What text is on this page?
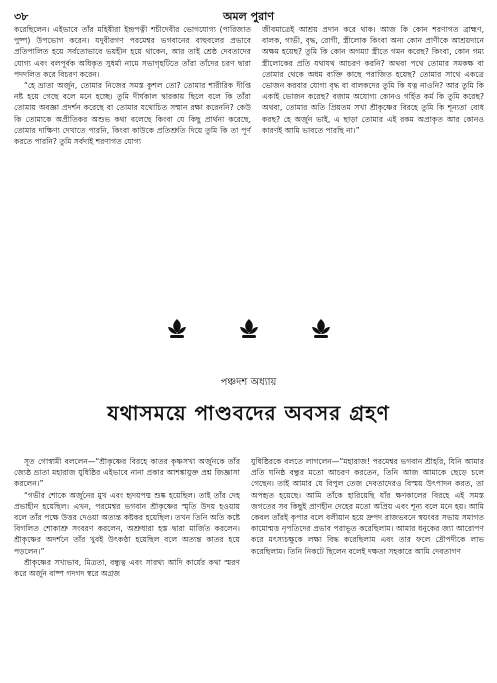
৩৮	অমল পুরাণ

করেছিলেন। এইভাবে তাঁর মহিষীরা ইন্দ্রপত্নী শচীদেবীর ভোগযোগ্য (পারিজাত পুষ্প) উপভোগ করেন। যদুবীরগণ পরমেশ্বর ভগবানের বাহুবলের প্রভাবে প্রতিপালিত হয়ে সর্বতোভাবে ভয়হীন হয়ে থাকেন, আর তাই শ্রেষ্ঠ দেবতাদের যোগ্য এবং বলপূর্বক অধিকৃত সুধর্মা নামে সভাগৃহটিতে তাঁরা তাঁদের চরণ দ্বারা পদদলিত করে বিচরণ করেন।

“হে ভ্রাতা অর্জুন, তোমার নিজের সমস্ত কুশল তো? তোমার শারীরিক দীপ্তি নষ্ট হয়ে গেছে বলে মনে হচ্ছে। তুমি দীর্ঘকাল দ্বারকায় ছিলে বলে কি তাঁরা তোমায় অবজ্ঞা প্রদর্শন করেছে বা তোমার যথোচিত সম্মান রক্ষা করেননি? কেউ কি তোমাকে অপ্রীতিকর অশুভ কথা বলেছে কিংবা যে কিছু প্রার্থনা করেছে, তোমার দাক্ষিণ্য দেখাতে পারনি, কিংবা কাউকে প্রতিশ্রুতি দিয়ে তুমি কি তা পূর্ণ করতে পারনি? তুমি সর্বদাই শরণাগত যোগ্য

জীবমাত্রেই আশ্রয় প্রদান করে থাক। আজ কি কোন শরণাগত ব্রাহ্মণ, বালক, গাভী, বৃদ্ধ, রোগী, স্ত্রীলোক কিংবা অন্য কোন প্রাণীকে আশ্রয়দানে অক্ষম হয়েছ? তুমি কি কোন অগম্যা স্ত্রীতে গমন করেছ? কিংবা, কোন গম্য স্ত্রীলোকের প্রতি যথাযথ আচরণ করনি? অথবা পথে তোমার সমকক্ষ বা তোমার থেকে অধম ব্যক্তি কাছে পরাজিত হয়েছ? তোমার সাথে একত্রে ভোজন করবার যোগ্য বৃদ্ধ বা বালকদের তুমি কি যত্ন নাওনি? আর তুমি কি একাই ভোজন করেছ? বজাম অযোগ্য কোনও গর্হিত কর্ম কি তুমি করেছ? অথবা, তোমার অতি প্রিয়তম সখা শ্রীকৃষ্ণের বিরহে তুমি কি শূন্যতা বোধ করছ? হে অর্জুন ভাই, এ ছাড়া তোমার এই রকম অপ্রাকৃত আর কোনও কারণই আমি ভাবতে পারছি না।”

পঞ্চদশ অধ্যায়
যথাসময়ে পাণ্ডবদের অবসর গ্রহণ

সূত গোস্বামী বললেন—“শ্রীকৃষ্ণের বিরহে কাতর কৃষ্ণসখা অর্জুনকে তাঁর জ্যেষ্ঠ ভ্রাতা মহারাজ যুধিষ্ঠির এইভাবে নানা প্রকার আশঙ্কাযুক্ত প্রশ্ন জিজ্ঞাসা করলেন।”

“গভীর শোকে অর্জুনের মুখ এবং হৃদয়পদ্ম শুষ্ক হয়েছিল। তাই তাঁর দেহ প্রভাহীন হয়েছিল। এখন, পরমেশ্বর ভগবান শ্রীকৃষ্ণের স্মৃতি উদয় হওয়ায় বলে তাঁর পক্ষে উত্তর দেওয়া অত্যন্ত কষ্টকর হয়েছিল। তখন তিনি অতি কষ্টে বিগলিত শোকাশ্রু সংবরণ করলেন, অশ্রুধারা হস্ত দ্বারা মার্জিত করলেন। শ্রীকৃষ্ণের অদর্শনে তাঁর খুবই উৎকণ্ঠা হয়েছিল বলে অত্যন্ত কাতর হয়ে পড়লেন।”

শ্রীকৃষ্ণের সখ্যভাব, মিত্রতা, বন্ধুত্ব এবং সারথ্য আদি কার্যের কথা স্মরণ করে অর্জুন বাষ্প গদগদ স্বরে অগ্রজ

যুধিষ্ঠিরকে বলতে লাগলেন—“মহারাজ! পরমেশ্বর ভগবান শ্রীহরি, যিনি আমার প্রতি ঘনিষ্ঠ বন্ধুর মতো আচরণ করতেন, তিনি আজ আমাকে ছেড়ে চলে গেছেন। তাই আমার যে বিপুল তেজ দেবতাদেরও বিস্ময় উৎপাদন করত, তা অপহৃত হয়েছে। আমি তাঁকে হারিয়েছি যাঁর ক্ষণকালের বিরহে এই সমস্ত জগতের সব কিছুই প্রাণহীন দেহের মতো অপ্রিয় এবং শূন্য বলে মনে হয়। আমি কেবল তাঁরই কৃপার বলে বলীয়ান হয়ে দ্রুপদ রাজভবনে স্বয়ংবর সভায় সমাগত কামোন্মত্ত নৃপতিদের প্রভাব পরাভূত করেছিলাম। আমার ধনুকের জ্যা আরোপণ করে মৎস্যচক্ষুকে লক্ষ্য বিদ্ধ করেছিলাম এবং তার ফলে দ্রৌপদীকে লাভ করেছিলাম। তিনি নিকটে ছিলেন বলেই দক্ষতা সহকারে আমি দেবতাগণ
